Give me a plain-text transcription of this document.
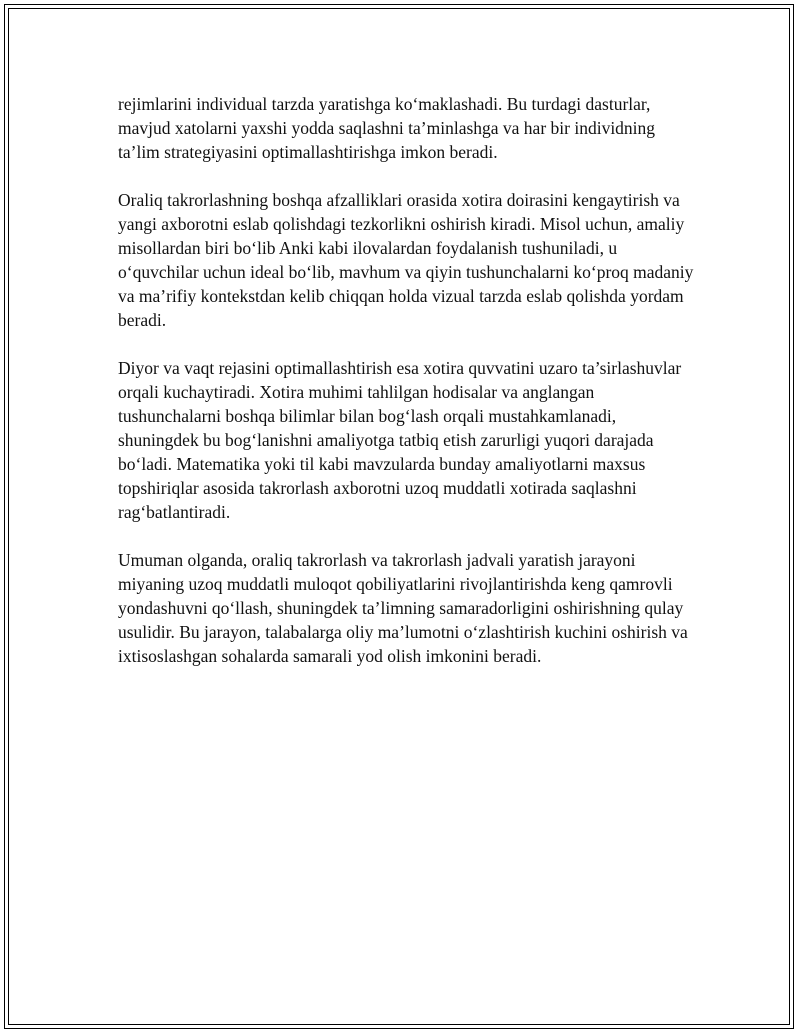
rejimlarini individual tarzda yaratishga ko‘maklashadi. Bu turdagi dasturlar, mavjud xatolarni yaxshi yodda saqlashni ta’minlashga va har bir individning ta’lim strategiyasini optimallashtirishga imkon beradi.

Oraliq takrorlashning boshqa afzalliklari orasida xotira doirasini kengaytirish va yangi axborotni eslab qolishdagi tezkorlikni oshirish kiradi. Misol uchun, amaliy misollardan biri bo‘lib Anki kabi ilovalardan foydalanish tushuniladi, u o‘quvchilar uchun ideal bo‘lib, mavhum va qiyin tushunchalarni ko‘proq madaniy va ma’rifiy kontekstdan kelib chiqqan holda vizual tarzda eslab qolishda yordam beradi.

Diyor va vaqt rejasini optimallashtirish esa xotira quvvatini uzaro ta’sirlashuvlar orqali kuchaytiradi. Xotira muhimi tahlilgan hodisalar va anglangan tushunchalarni boshqa bilimlar bilan bog‘lash orqali mustahkamlanadi, shuningdek bu bog‘lanishni amaliyotga tatbiq etish zarurligi yuqori darajada bo‘ladi. Matematika yoki til kabi mavzularda bunday amaliyotlarni maxsus topshiriqlar asosida takrorlash axborotni uzoq muddatli xotirada saqlashni rag‘batlantiradi.

Umuman olganda, oraliq takrorlash va takrorlash jadvali yaratish jarayoni miyaning uzoq muddatli muloqot qobiliyatlarini rivojlantirishda keng qamrovli yondashuvni qo‘llash, shuningdek ta’limning samaradorligini oshirishning qulay usulidir. Bu jarayon, talabalarga oliy ma’lumotni o‘zlashtirish kuchini oshirish va ixtisoslashgan sohalarda samarali yod olish imkonini beradi.
